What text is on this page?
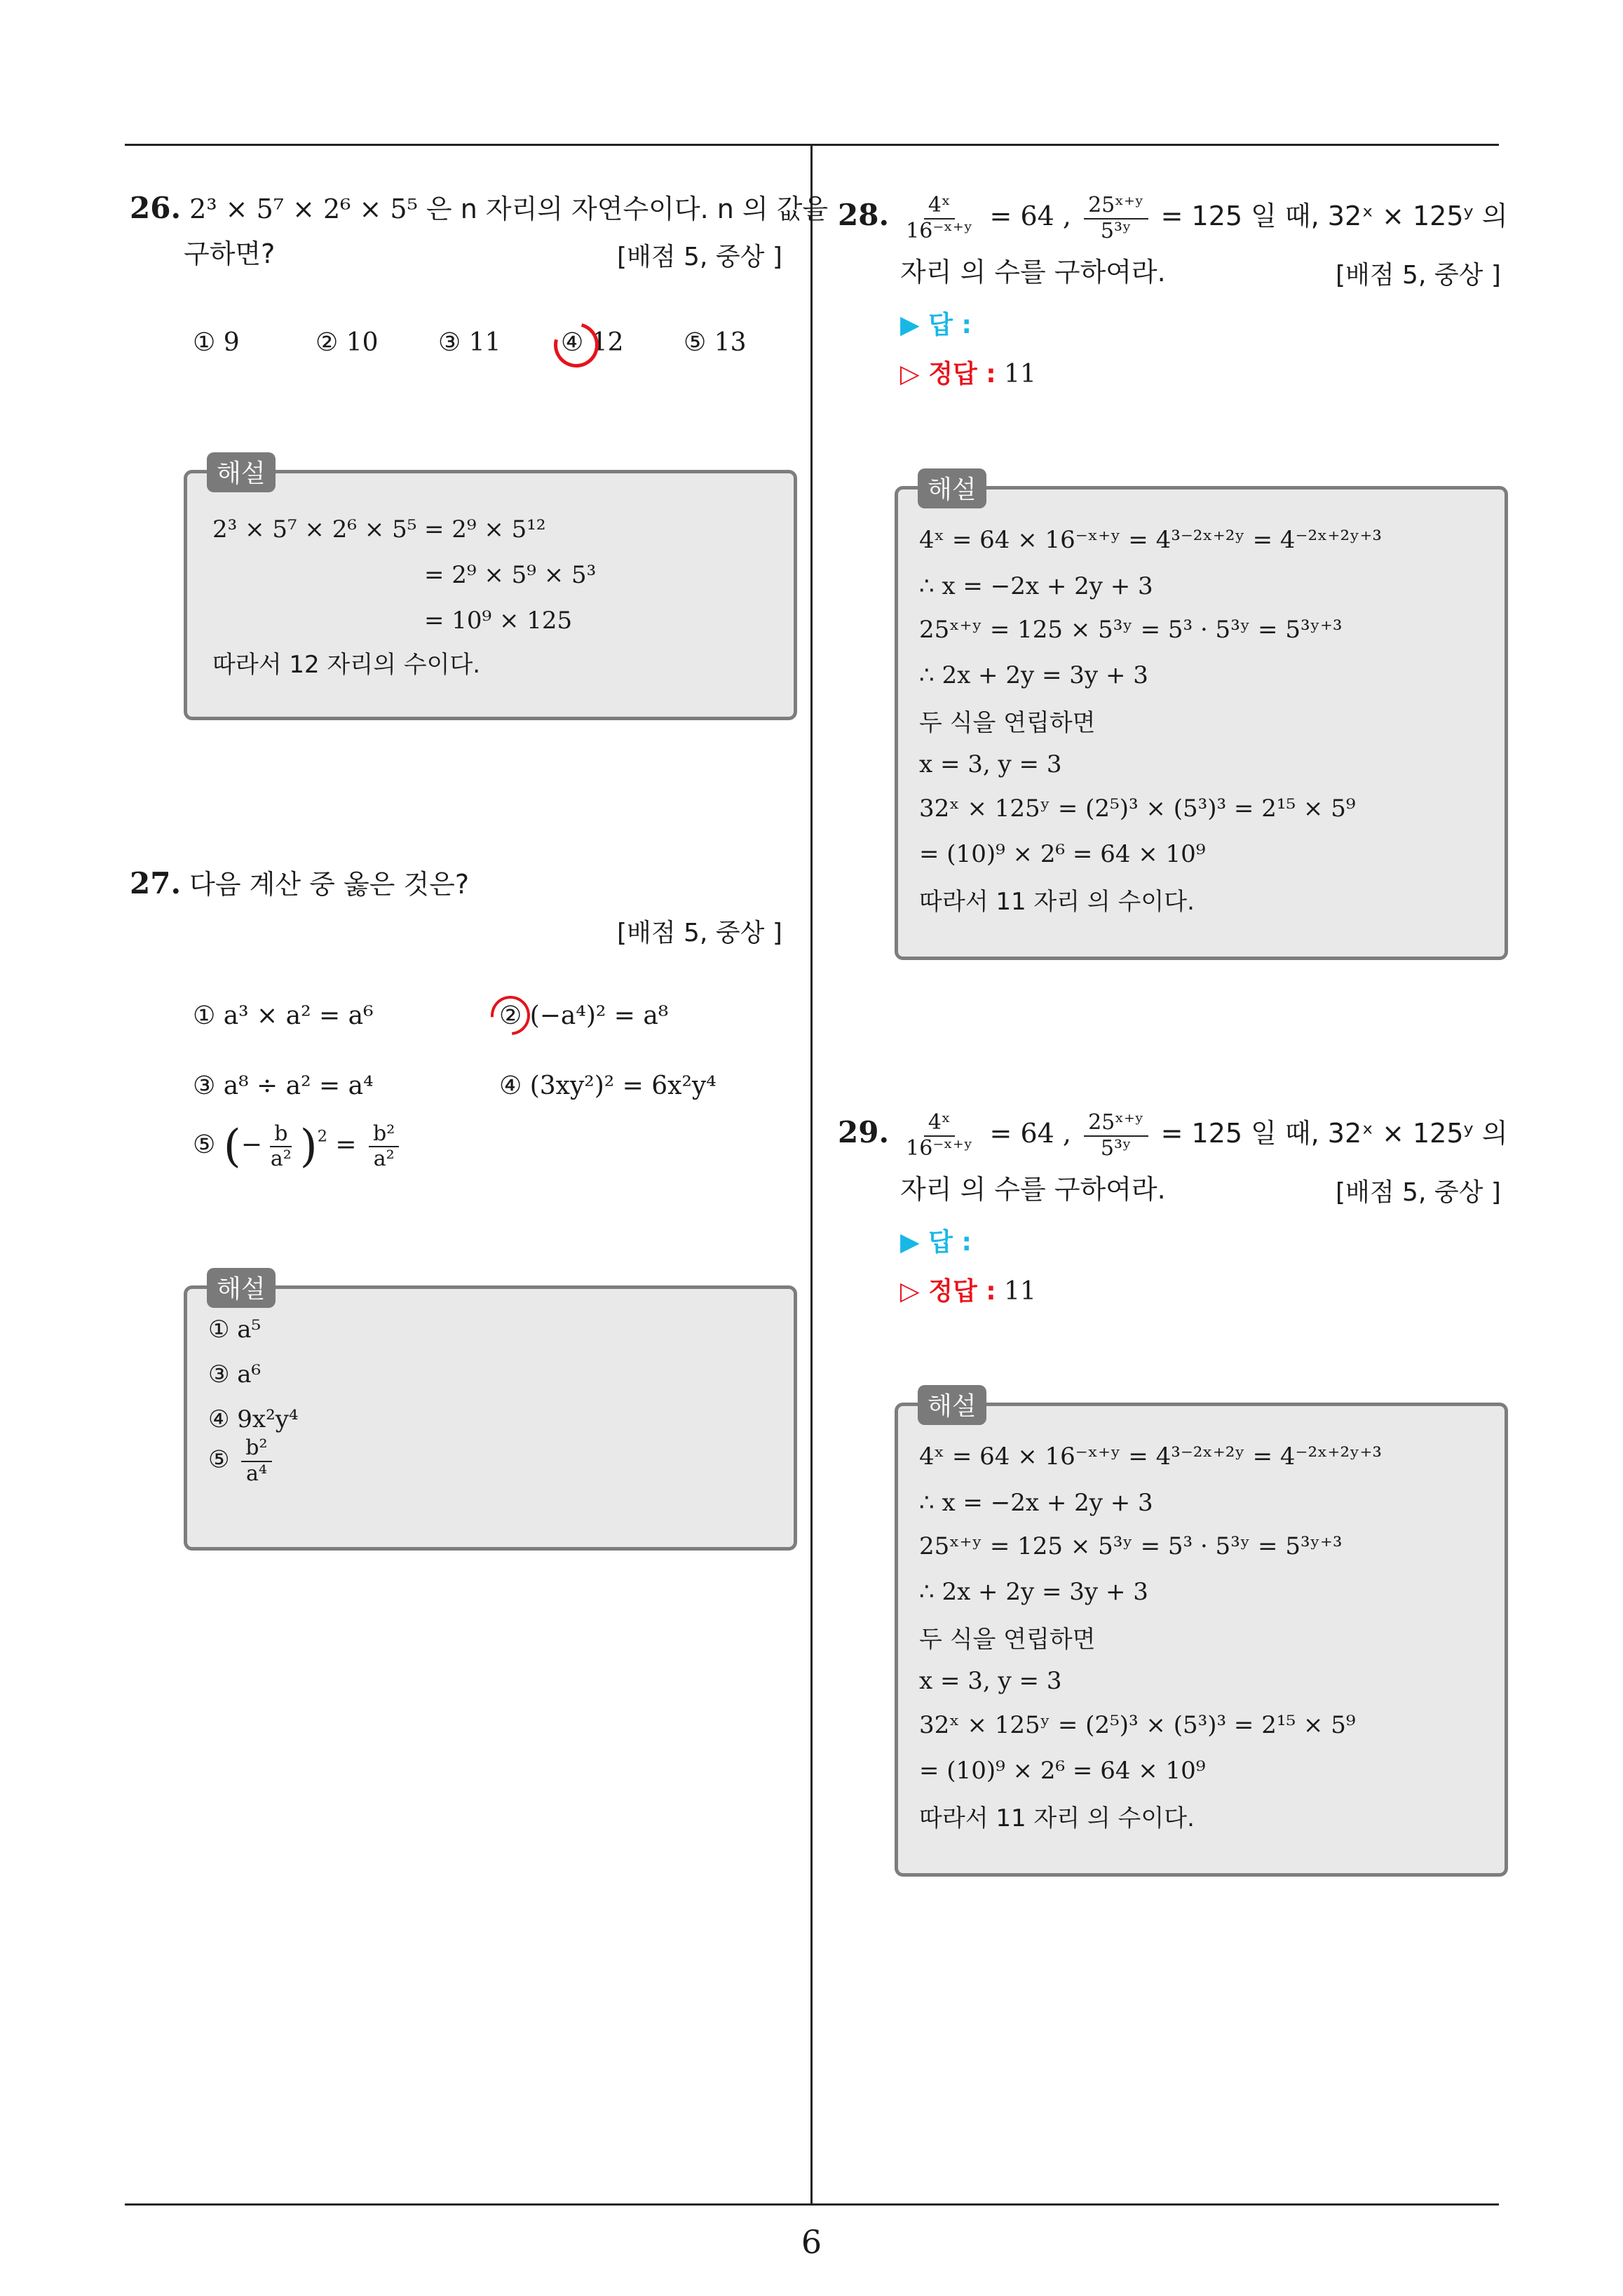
26. 2³ × 5⁷ × 2⁶ × 5⁵ 은 n 자리의 자연수이다. n 의 값을
구하면?	[배점 5, 중상 ]
① 9	② 10 ③ 11 ④ 12 ⑤ 13
해설
2³ × 5⁷ × 2⁶ × 5⁵ = 2⁹ × 5¹²
= 2⁹ × 5⁹ × 5³
= 10⁹ × 125
따라서 12 자리의 수이다.
27. 다음 계산 중 옳은 것은?
[배점 5, 중상 ]
① a³ × a² = a⁶	② (−a⁴)² = a⁸
③ a⁸ ÷ a² = a⁴	④ (3xy²)² = 6x²y⁴
⑤ (− $\frac{b}{\text{a²}} )^2 = \frac{\text{b²}}{\text{a²}}$
해설
① a⁵
③ a⁶
④ 9x²y⁴
⑤ $\frac{\text{b²}}{\text{a⁴}}$
28. $\frac{\text{4ˣ}}{\text{16⁻ˣ⁺ʸ}} = 64$ , $\frac{\text{25ˣ⁺ʸ}}{\text{5³ʸ}} = 125$ 일 때, 32ˣ × 125ʸ 의
자리 의 수를 구하여라.	[배점 5, 중상 ]
▶ 답 :
▷ 정답 : 11
해설
4ˣ = 64 × 16⁻ˣ⁺ʸ = 4³⁻²ˣ⁺²ʸ = 4⁻²ˣ⁺²ʸ⁺³
∴ x = −2x + 2y + 3
25ˣ⁺ʸ = 125 × 5³ʸ = 5³ · 5³ʸ = 5³ʸ⁺³
∴ 2x + 2y = 3y + 3
두 식을 연립하면
x = 3, y = 3
32ˣ × 125ʸ = (2⁵)³ × (5³)³ = 2¹⁵ × 5⁹
= (10)⁹ × 2⁶ = 64 × 10⁹
따라서 11 자리 의 수이다.
29. $\frac{\text{4ˣ}}{\text{16⁻ˣ⁺ʸ}} = 64$ , $\frac{\text{25ˣ⁺ʸ}}{\text{5³ʸ}} = 125$ 일 때, 32ˣ × 125ʸ 의
자리 의 수를 구하여라.	[배점 5, 중상 ]
▶ 답 :
▷ 정답 : 11
해설
4ˣ = 64 × 16⁻ˣ⁺ʸ = 4³⁻²ˣ⁺²ʸ = 4⁻²ˣ⁺²ʸ⁺³
∴ x = −2x + 2y + 3
25ˣ⁺ʸ = 125 × 5³ʸ = 5³ · 5³ʸ = 5³ʸ⁺³
∴ 2x + 2y = 3y + 3
두 식을 연립하면
x = 3, y = 3
32ˣ × 125ʸ = (2⁵)³ × (5³)³ = 2¹⁵ × 5⁹
= (10)⁹ × 2⁶ = 64 × 10⁹
따라서 11 자리 의 수이다.
6
